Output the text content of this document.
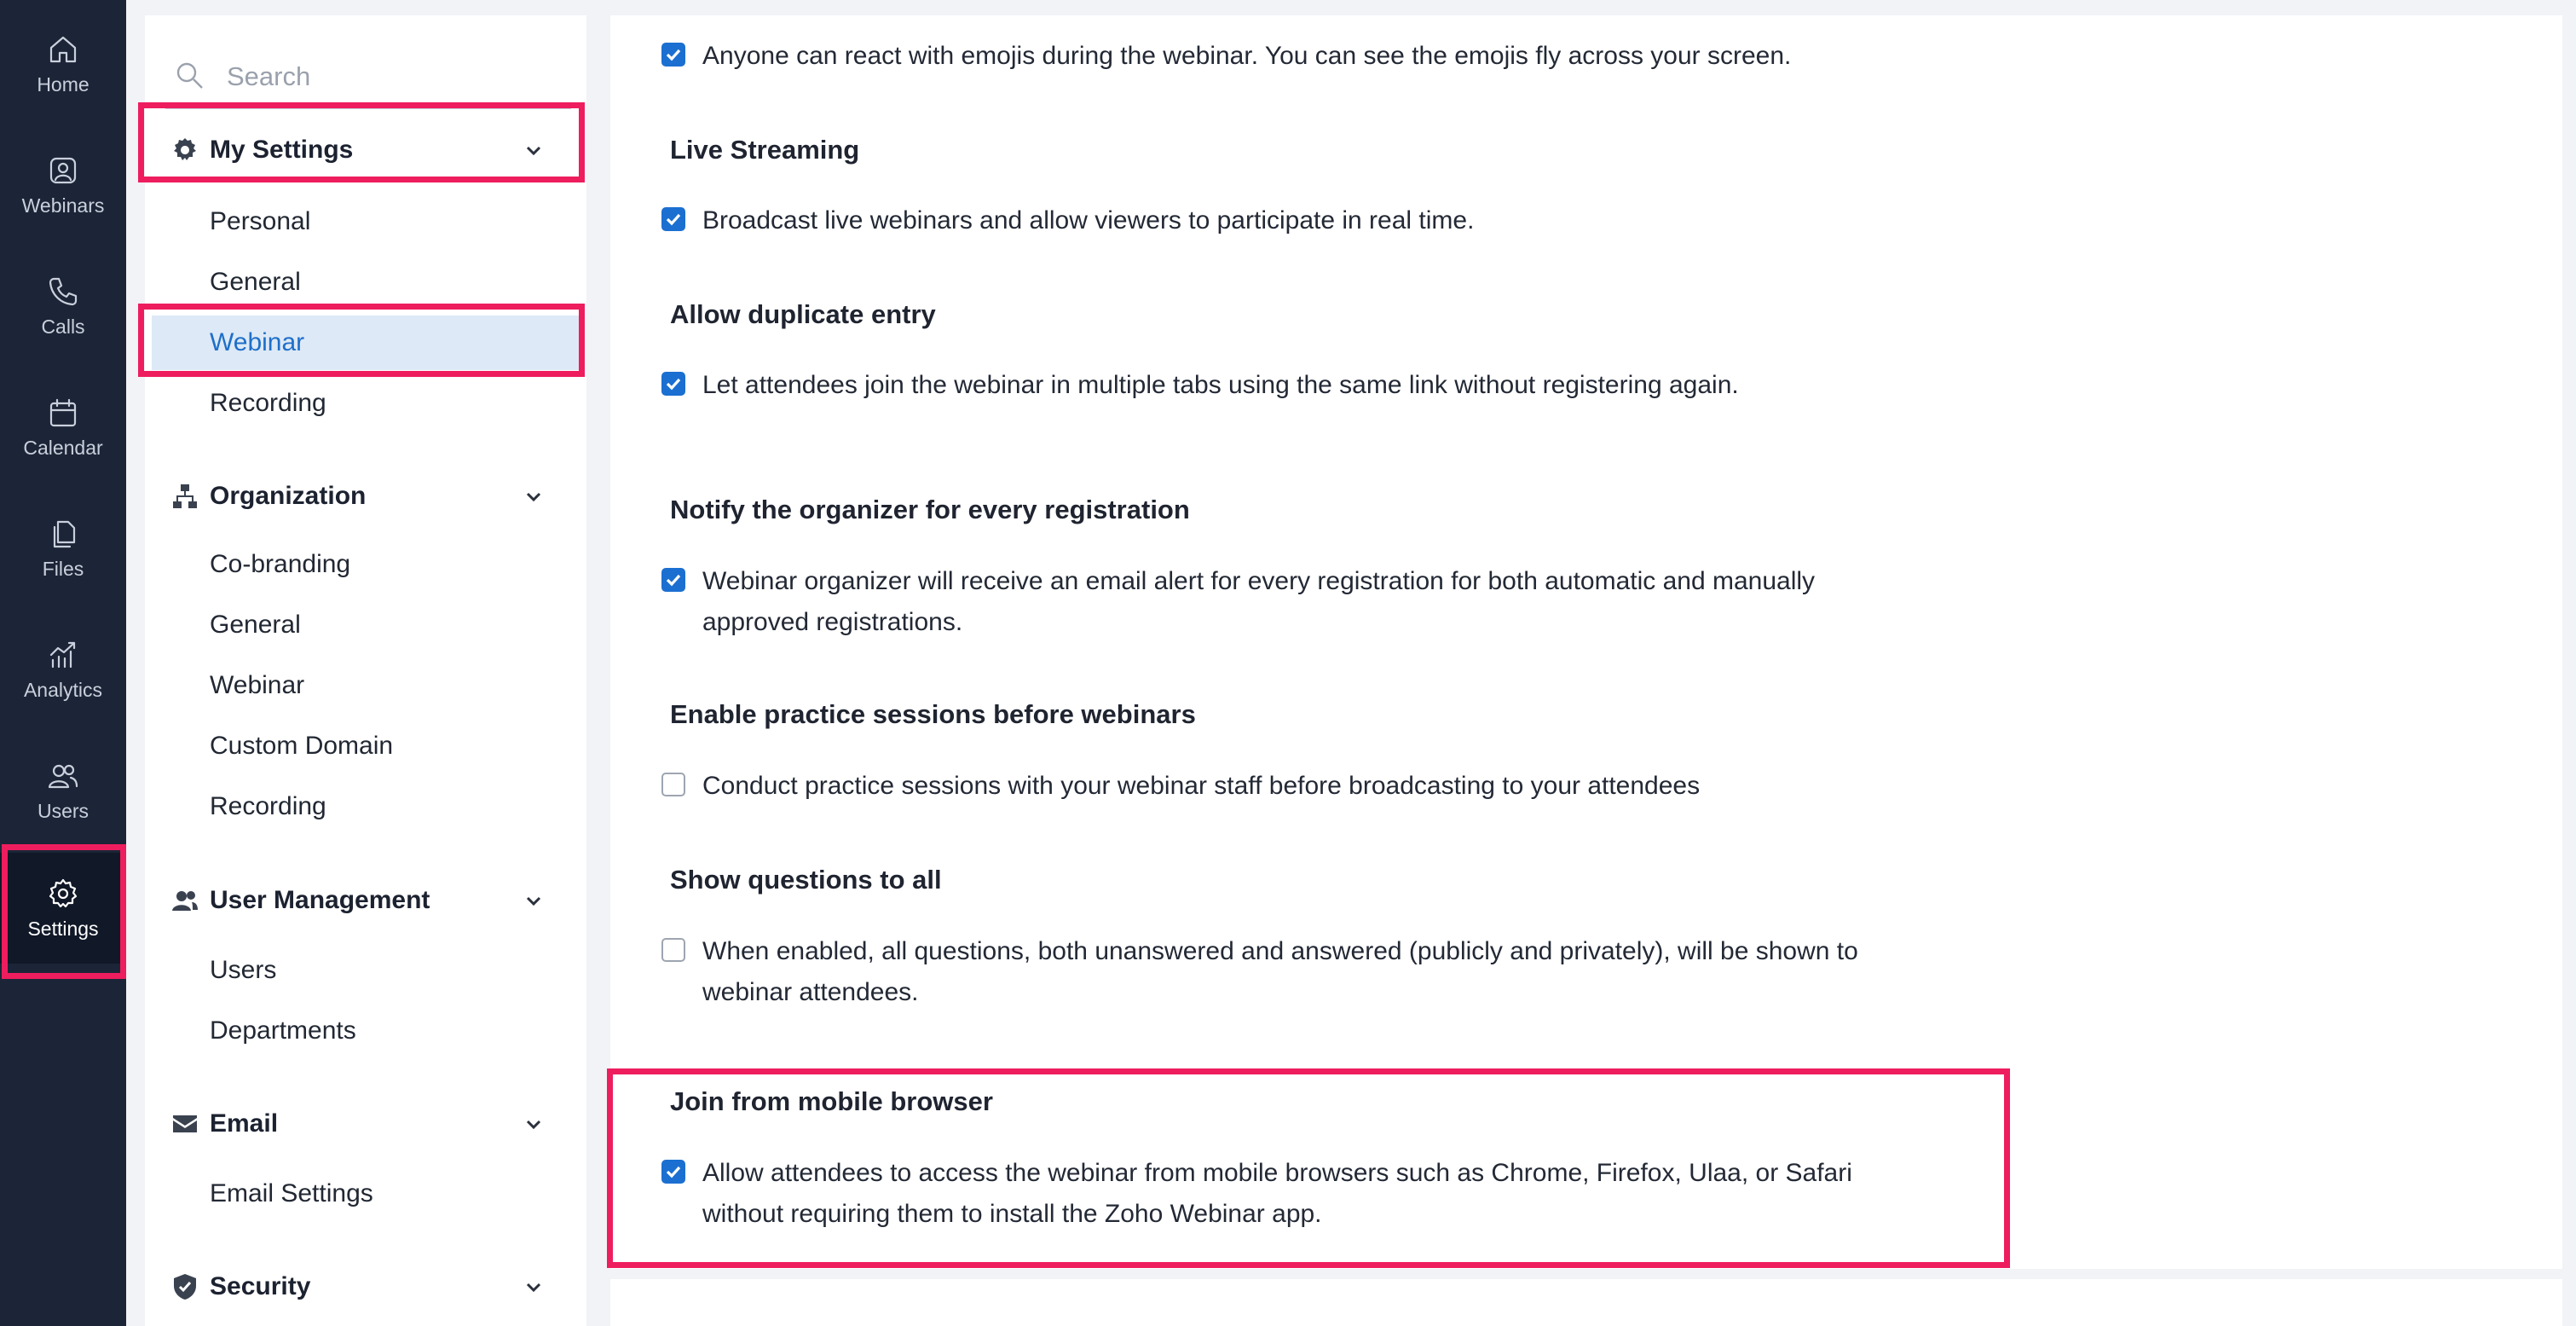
Home
Webinars
Calls
Calendar
Files
Analytics
Users
Settings
Search
My Settings
Personal
General
Webinar
Recording
Organization
Co-branding
General
Webinar
Custom Domain
Recording
User Management
Users
Departments
Email
Email Settings
Security
Anyone can react with emojis during the webinar. You can see the emojis fly across your screen.
Live Streaming
Broadcast live webinars and allow viewers to participate in real time.
Allow duplicate entry
Let attendees join the webinar in multiple tabs using the same link without registering again.
Notify the organizer for every registration
Webinar organizer will receive an email alert for every registration for both automatic and manually approved registrations.
Enable practice sessions before webinars
Conduct practice sessions with your webinar staff before broadcasting to your attendees
Show questions to all
When enabled, all questions, both unanswered and answered (publicly and privately), will be shown to webinar attendees.
Join from mobile browser
Allow attendees to access the webinar from mobile browsers such as Chrome, Firefox, Ulaa, or Safari without requiring them to install the Zoho Webinar app.
